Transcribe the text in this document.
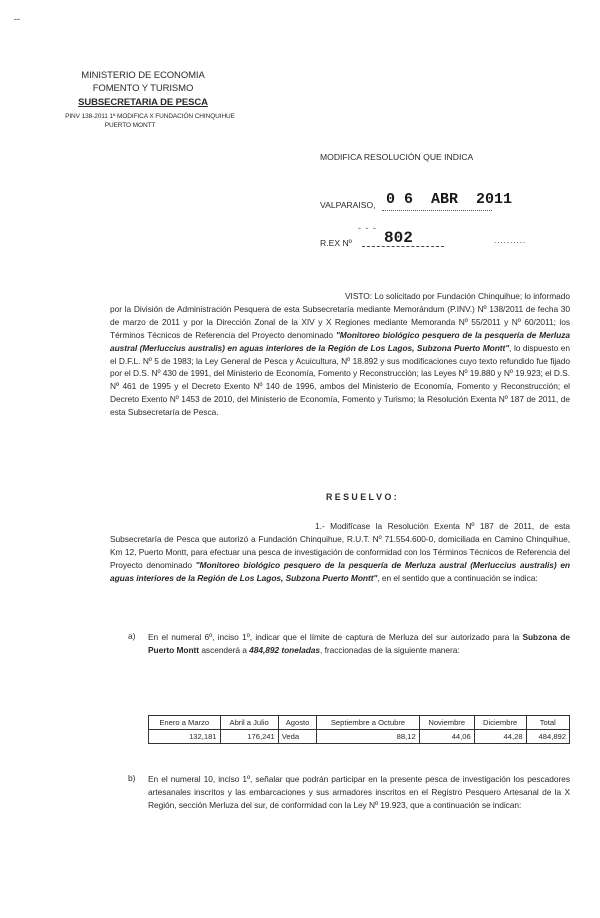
--
MINISTERIO DE ECONOMIA
FOMENTO Y TURISMO
SUBSECRETARIA DE PESCA
PINV 138-2011 1ª MODIFICA X FUNDACIÓN CHINQUIHUE
PUERTO MONTT
MODIFICA RESOLUCIÓN QUE INDICA
VALPARAISO, 0 6  ABR  2011
R.EX Nº
- - -
802	..........
VISTO: Lo solicitado por Fundación Chinquihue; lo informado por la División de Administración Pesquera de esta Subsecretaría mediante Memorándum (P.INV.) Nº 138/2011 de fecha 30 de marzo de 2011 y por la Dirección Zonal de la XIV y X Regiones mediante Memoranda Nº 55/2011 y Nº 60/2011; los Términos Técnicos de Referencia del Proyecto denominado "Monitoreo biológico pesquero de la pesquería de Merluza austral (Merluccius australis) en aguas interiores de la Región de Los Lagos, Subzona Puerto Montt", lo dispuesto en el D.F.L. Nº 5 de 1983; la Ley General de Pesca y Acuicultura, Nº 18.892 y sus modificaciones cuyo texto refundido fue fijado por el D.S. Nº 430 de 1991, del Ministerio de Economía, Fomento y Reconstrucción; las Leyes Nº 19.880 y Nº 19.923; el D.S. Nº 461 de 1995 y el Decreto Exento Nº 140 de 1996, ambos del Ministerio de Economía, Fomento y Reconstrucción; el Decreto Exento Nº 1453 de 2010, del Ministerio de Economía, Fomento y Turismo; la Resolución Exenta Nº 187 de 2011, de esta Subsecretaría de Pesca.
R E S U E L V O :
1.- Modifícase la Resolución Exenta Nº 187 de 2011, de esta Subsecretaría de Pesca que autorizó a Fundación Chinquihue, R.U.T. Nº 71.554.600-0, domiciliada en Camino Chinquihue, Km 12, Puerto Montt, para efectuar una pesca de investigación de conformidad con los Términos Técnicos de Referencia del Proyecto denominado "Monitoreo biológico pesquero de la pesquería de Merluza austral (Merluccius australis) en aguas interiores de la Región de Los Lagos, Subzona Puerto Montt", en el sentido que a continuación se indica:
a) En el numeral 6º, inciso 1º, indicar que el límite de captura de Merluza del sur autorizado para la Subzona de Puerto Montt ascenderá a 484,892 toneladas, fraccionadas de la siguiente manera:
Enero a Marzo	Abril a Julio	Agosto	Septiembre a Octubre	Noviembre	Diciembre	Total
132,181	176,241	Veda	88,12	44,06	44,28	484,892
b) En el numeral 10, inciso 1º, señalar que podrán participar en la presente pesca de investigación los pescadores artesanales inscritos y las embarcaciones y sus armadores inscritos en el Registro Pesquero Artesanal de la X Región, sección Merluza del sur, de conformidad con la Ley Nº 19.923, que a continuación se indican:
